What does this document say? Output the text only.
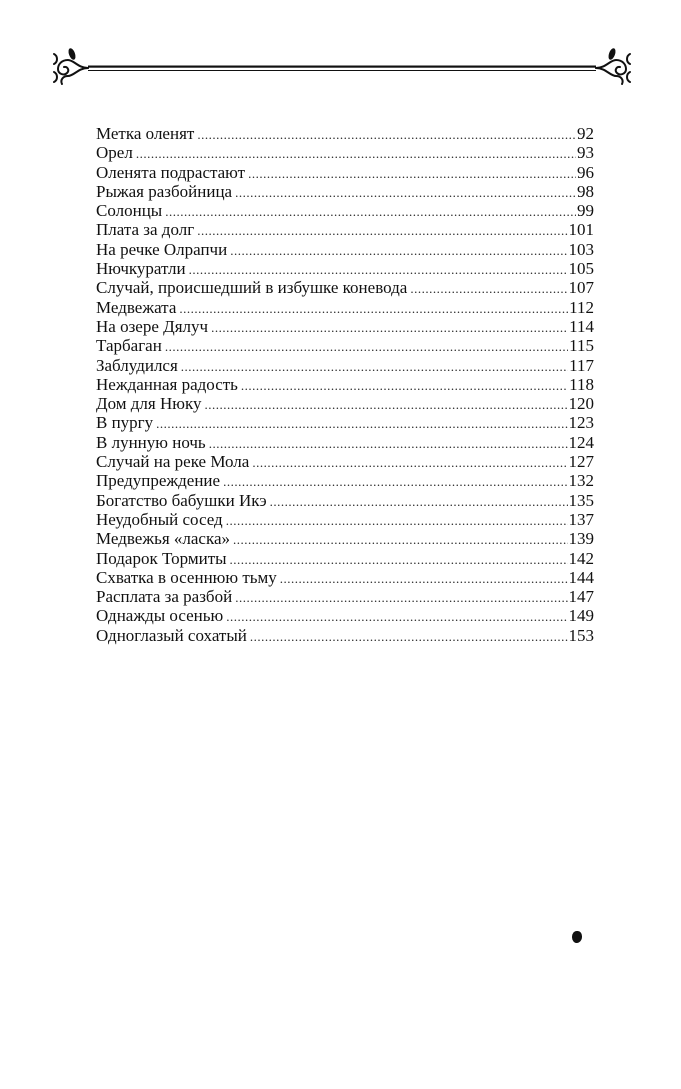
Метка оленят .....	92
Орел .....	93
Оленята подрастают .....	96
Рыжая разбойница .....	98
Солонцы .....	99
Плата за долг .....	101
На речке Олрапчи .....	103
Нючкуратли .....	105
Случай, происшедший в избушке коневода .....	107
Медвежата .....	112
На озере Дялуч .....	114
Тарбаган .....	115
Заблудился .....	117
Нежданная радость .....	118
Дом для Нюку .....	120
В пургу .....	123
В лунную ночь .....	124
Случай на реке Мола .....	127
Предупреждение .....	132
Богатство бабушки Икэ .....	135
Неудобный сосед .....	137
Медвежья «ласка» .....	139
Подарок Тормиты .....	142
Схватка в осеннюю тьму .....	144
Расплата за разбой .....	147
Однажды осенью .....	149
Одноглазый сохатый .....	153
